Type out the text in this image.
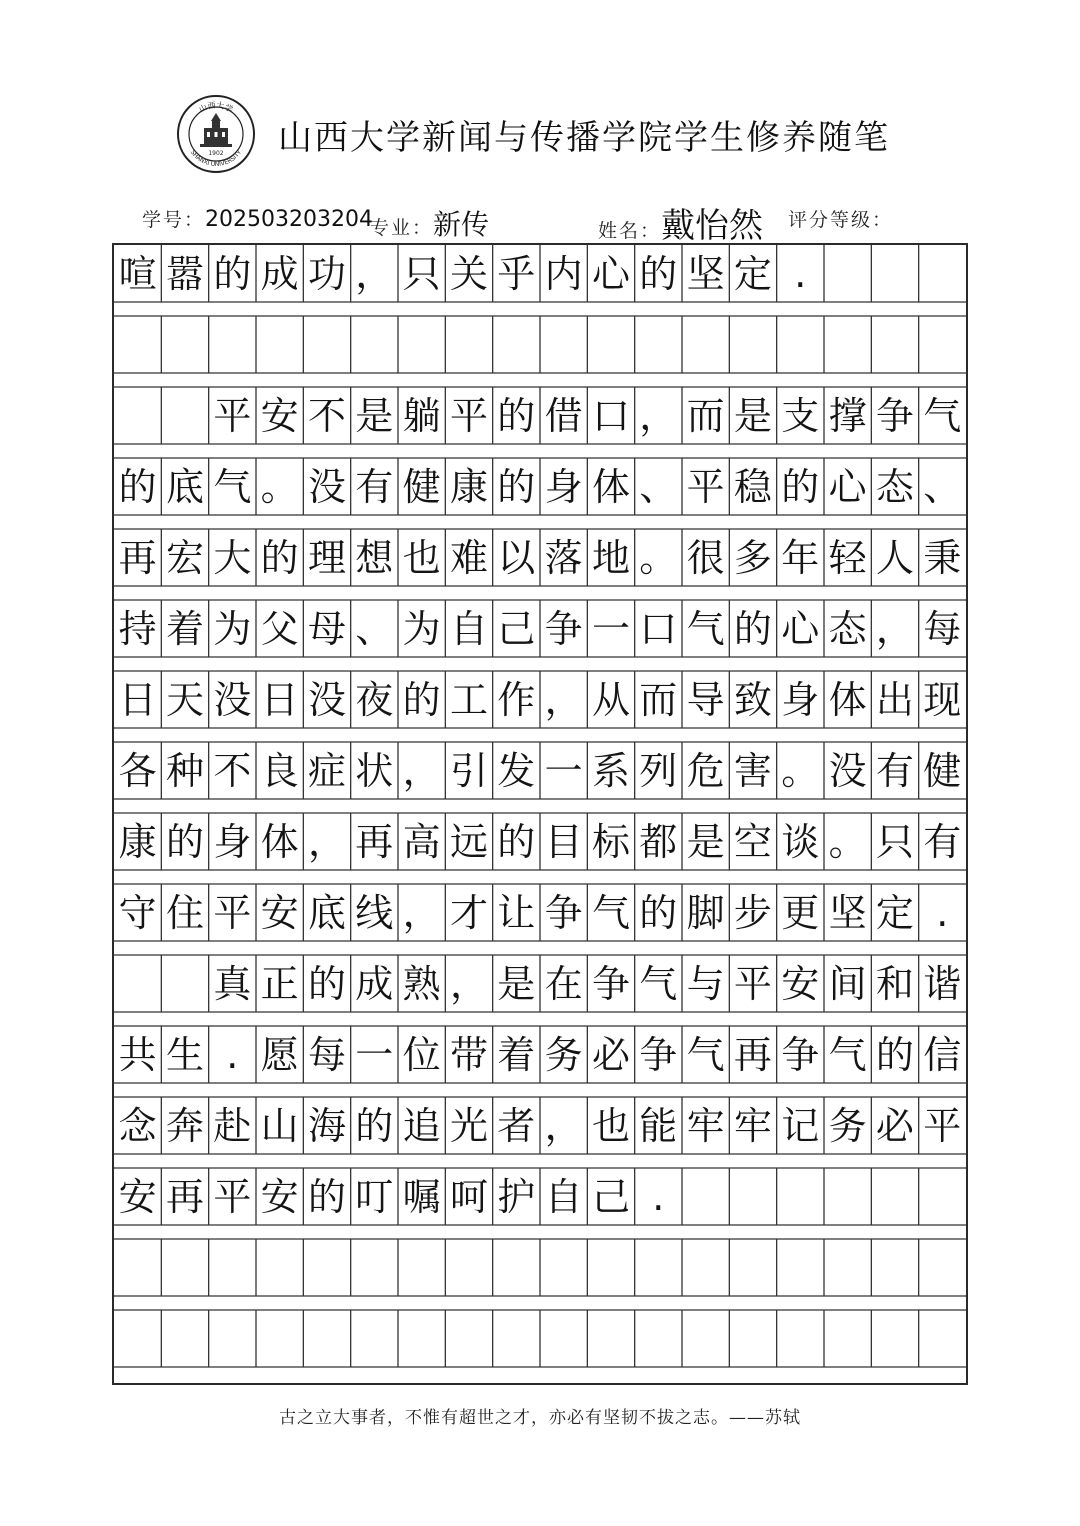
1902
山西大学
SHANXI UNIVERSITY 山西大学新闻与传播学院学生修养随笔
学号：202503203204
专业：新传	姓名：戴怡然 评分等级：
喧 嚣 的 成 功 ， 只 关 乎 内 心 的 坚 定 .
平 安 不 是 躺 平 的 借 口 ， 而 是 支 撑 争 气
的 底 气 。 没 有 健 康 的 身 体 、 平 稳 的 心 态 、
再 宏 大 的 理 想 也 难 以 落 地 。 很 多 年 轻 人 秉
持 着 为 父 母 、 为 自 己 争 一 口 气 的 心 态 ， 每
日 天 没 日 没 夜 的 工 作 ， 从 而 导 致 身 体 出 现
各 种 不 良 症 状 ， 引 发 一 系 列 危 害 。 没 有 健
康 的 身 体 ， 再 高 远 的 目 标 都 是 空 谈 。 只 有
守 住 平 安 底 线 ， 才 让 争 气 的 脚 步 更 坚 定 .
真 正 的 成 熟 ， 是 在 争 气 与 平 安 间 和 谐
共 生 . 愿 每 一 位 带 着 务 必 争 气 再 争 气 的 信
念 奔 赴 山 海 的 追 光 者 ， 也 能 牢 牢 记 务 必 平
安 再 平 安 的 叮 嘱 呵 护 自 己 .
古之立大事者，不惟有超世之才，亦必有坚韧不拔之志。——苏轼
